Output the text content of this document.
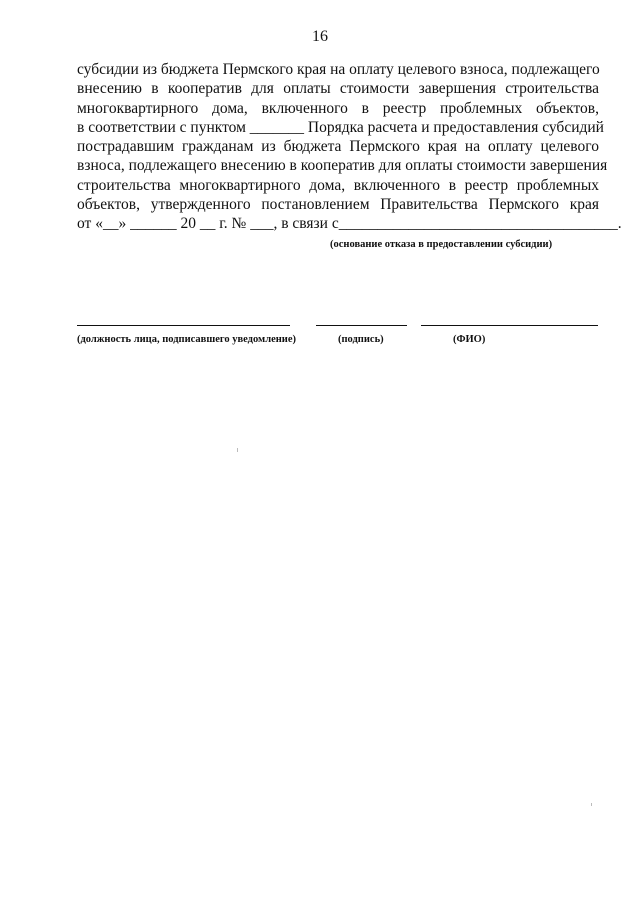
16
субсидии из бюджета Пермского края на оплату целевого взноса, подлежащего
внесению в кооператив для оплаты стоимости завершения строительства
многоквартирного дома, включенного в реестр проблемных объектов,
в соответствии с пунктом _______ Порядка расчета и предоставления субсидий
пострадавшим гражданам из бюджета Пермского края на оплату целевого
взноса, подлежащего внесению в кооператив для оплаты стоимости завершения
строительства многоквартирного дома, включенного в реестр проблемных
объектов, утвержденного постановлением Правительства Пермского края
от «__» ______ 20 __ г. № ___, в связи с____________________________________.
(основание отказа в предоставлении субсидии)
(должность лица, подписавшего уведомление)	(подпись)	(ФИО)
